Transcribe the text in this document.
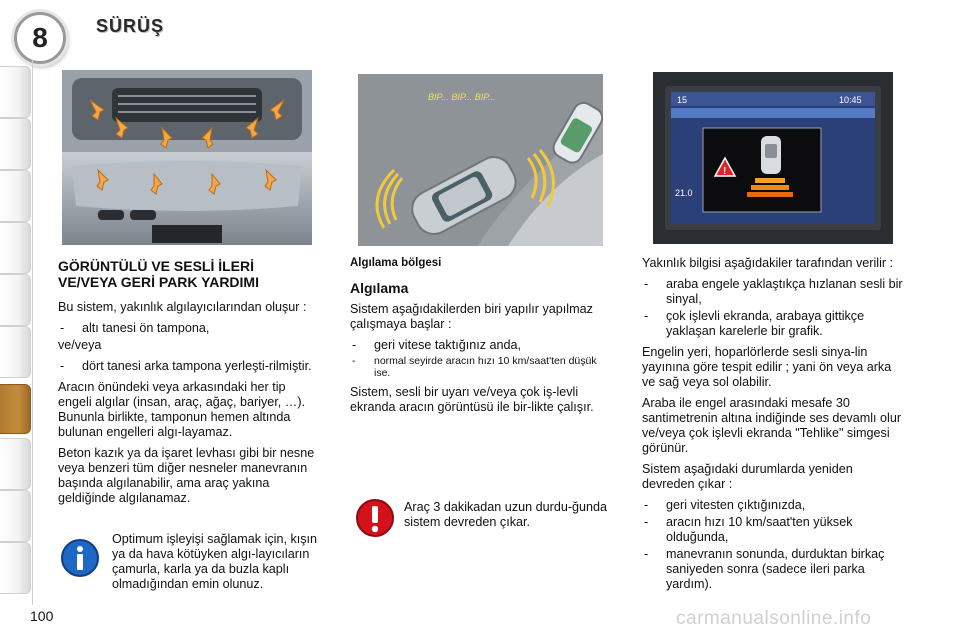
8	SÜRÜŞ
BIP... BIP... BIP...
!
15	10:45
21.0
GÖRÜNTÜLÜ VE SESLİ İLERİ
VE/VEYA GERİ PARK YARDIMI

Bu sistem, yakınlık algılayıcılarından oluşur :

- altı tanesi ön tampona,

ve/veya

- dört tanesi arka tampona yerleşti-rilmiştir.

Aracın önündeki veya arkasındaki her tip engeli algılar (insan, araç, ağaç, bariyer, …). Bununla birlikte, tamponun hemen altında bulunan engelleri algı-layamaz.

Beton kazık ya da işaret levhası gibi bir nesne veya benzeri tüm diğer nesneler manevranın başında algılanabilir, ama araç yakına geldiğinde algılanamaz.

Optimum işleyişi sağlamak için, kışın ya da hava kötüyken algı-layıcıların çamurla, karla ya da buzla kaplı olmadığından emin olunuz.
Algılama bölgesi
Algılama

Sistem aşağıdakilerden biri yapılır yapılmaz çalışmaya başlar :

- geri vitese taktığınız anda,
- normal seyirde aracın hızı 10 km/saat'ten düşük ise.

Sistem, sesli bir uyarı ve/veya çok iş-levli ekranda aracın görüntüsü ile bir-likte çalışır.

Araç 3 dakikadan uzun durdu-ğunda sistem devreden çıkar.

Yakınlık bilgisi aşağıdakiler tarafından verilir :

- araba engele yaklaştıkça hızlanan sesli bir sinyal,
- çok işlevli ekranda, arabaya gittikçe yaklaşan karelerle bir grafik.

Engelin yeri, hoparlörlerde sesli sinya-lin yayınına göre tespit edilir ; yani ön veya arka ve sağ veya sol olabilir.

Araba ile engel arasındaki mesafe 30 santimetrenin altına indiğinde ses devamlı olur ve/veya çok işlevli ekranda "Tehlike" simgesi görünür.

Sistem aşağıdaki durumlarda yeniden devreden çıkar :

- geri vitesten çıktığınızda,
- aracın hızı 10 km/saat'ten yüksek olduğunda,
- manevranın sonunda, durduktan birkaç saniyeden sonra (sadece ileri parka yardım).
100	carmanualsonline.info
